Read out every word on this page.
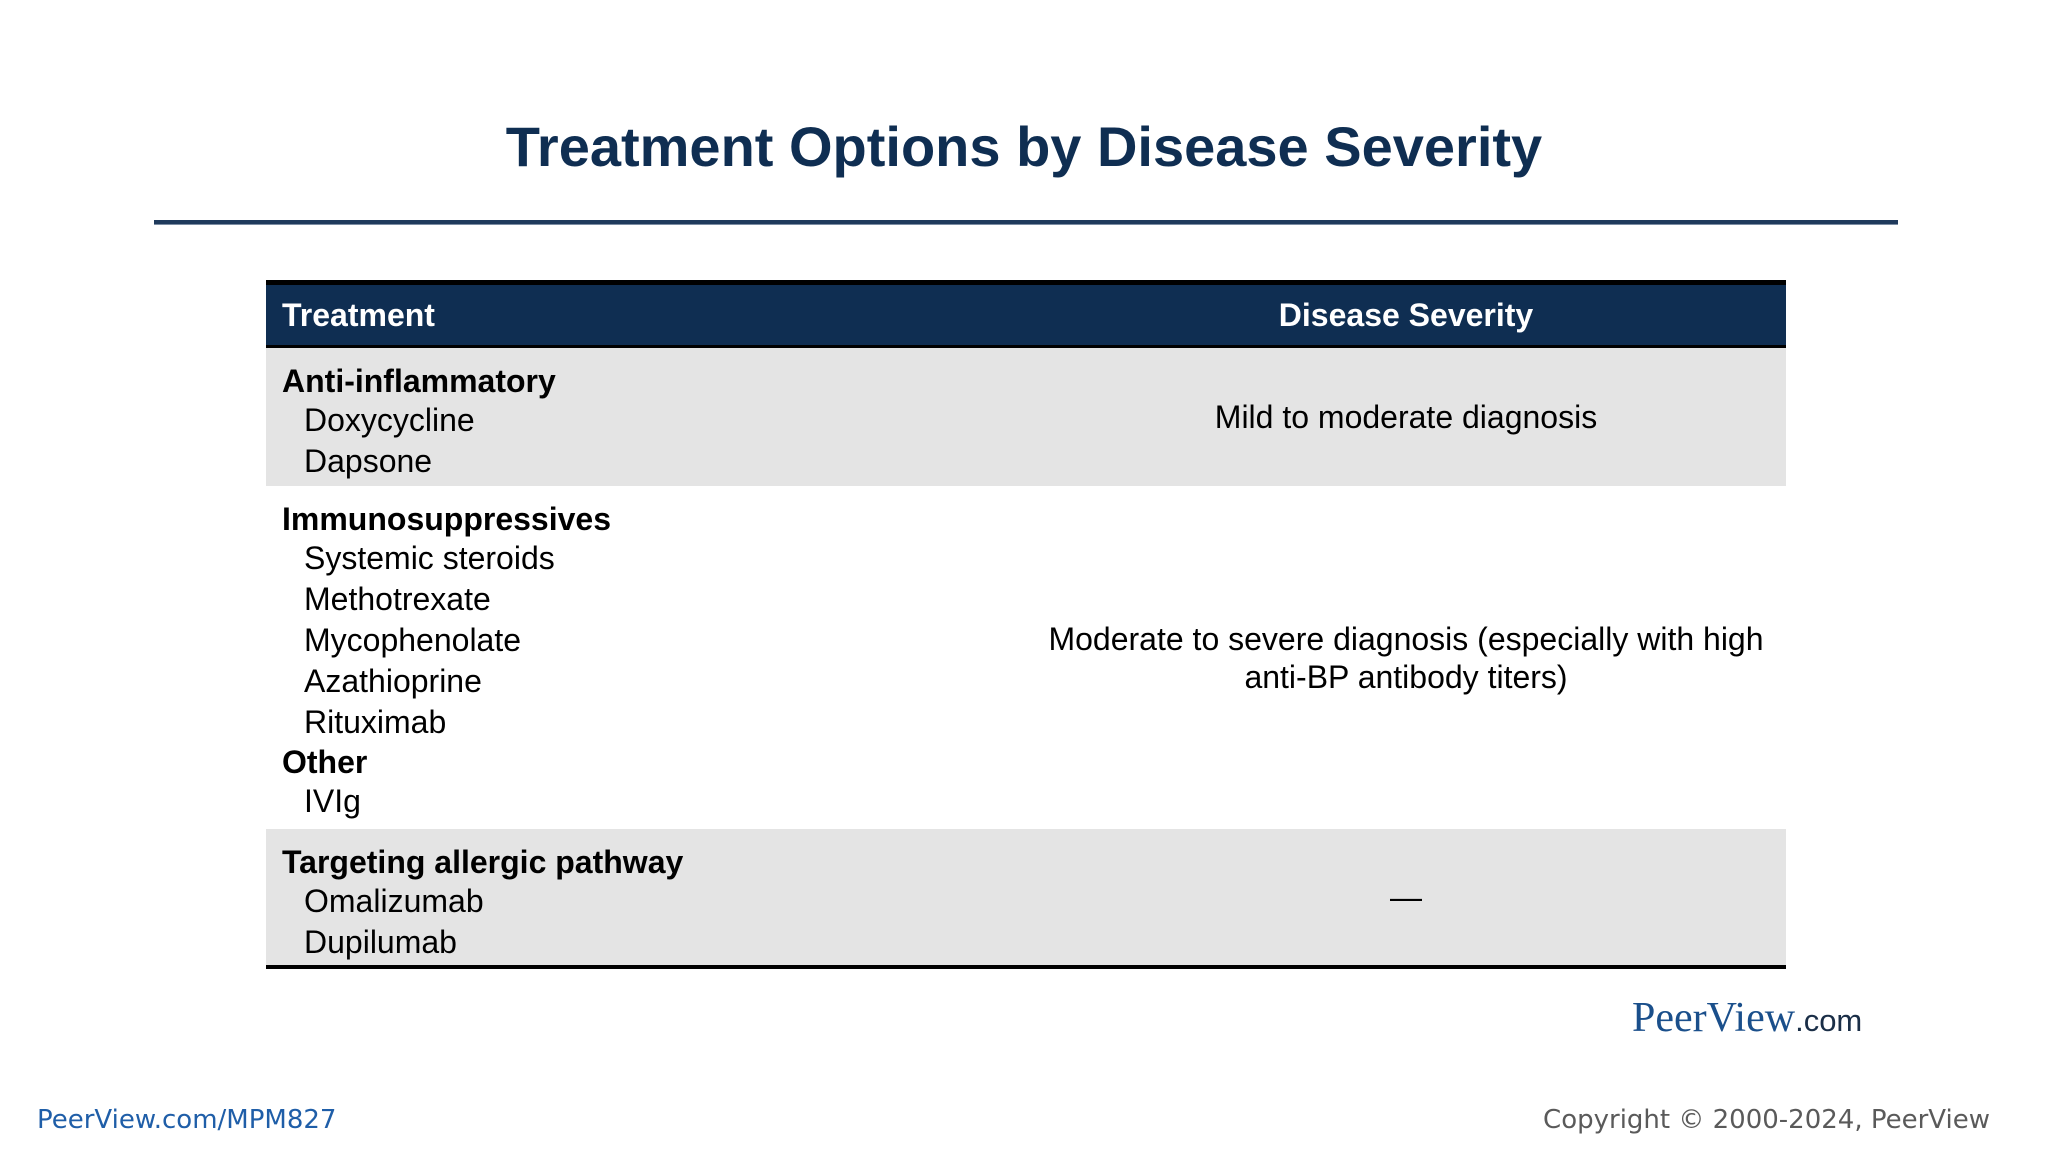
Treatment Options by Disease Severity
Treatment	Disease Severity
Anti-inflammatory
Doxycycline
Dapsone
Mild to moderate diagnosis
Immunosuppressives
Systemic steroids
Methotrexate
Mycophenolate
Azathioprine
Rituximab
Other
IVIg
Moderate to severe diagnosis (especially with high anti-BP antibody titers)
Targeting allergic pathway
Omalizumab
Dupilumab
—
PeerView.com
PeerView.com/MPM827	Copyright © 2000-2024, PeerView
